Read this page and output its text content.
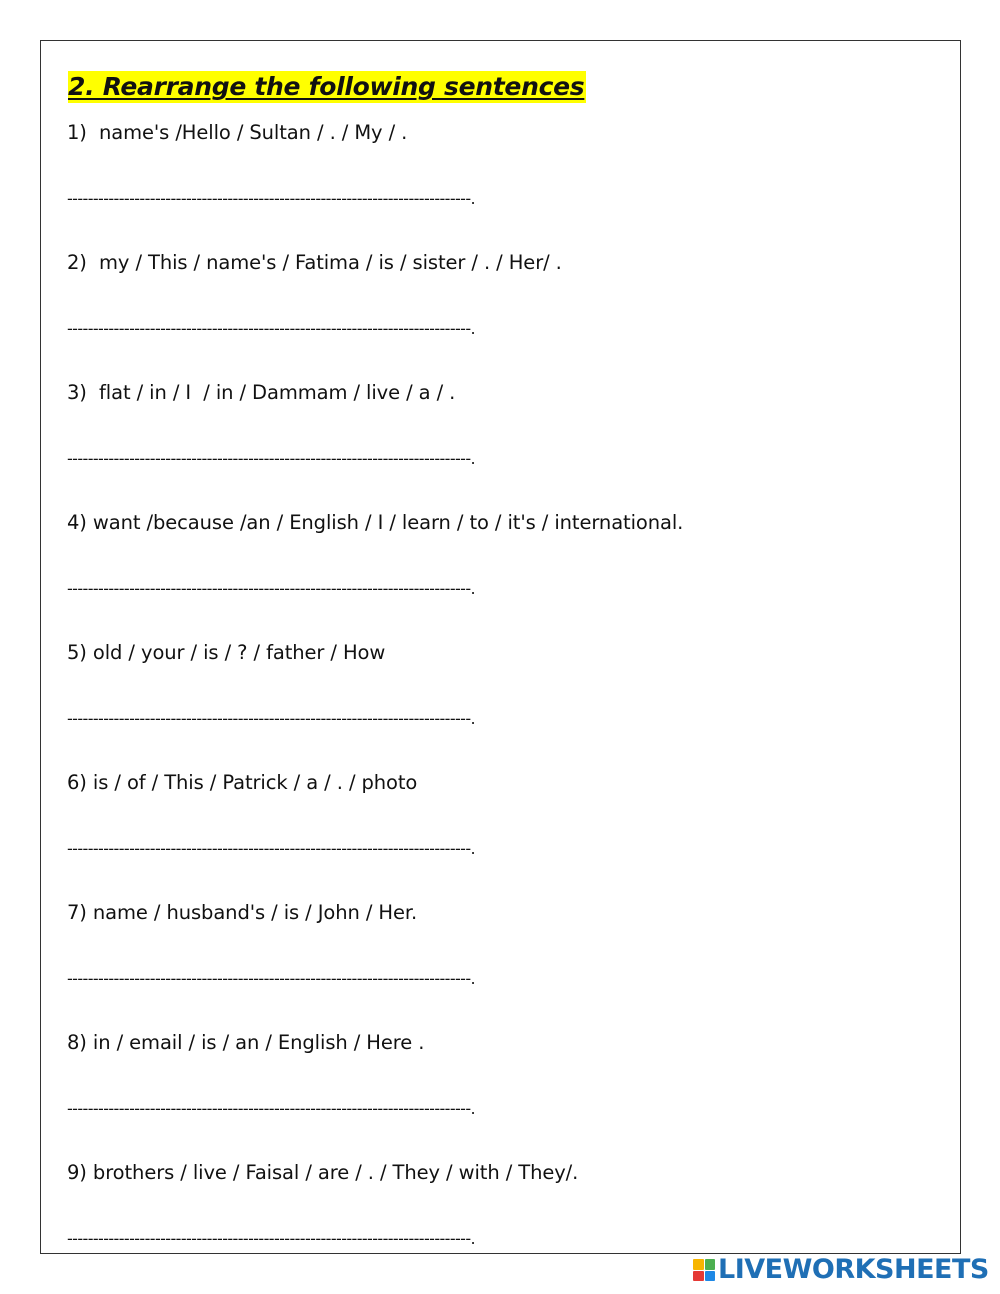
2. Rearrange the following sentences
1)  name's /Hello / Sultan / . / My / .
------------------------------------------------------------------------------.
2)  my / This / name's / Fatima / is / sister / . / Her/ .
------------------------------------------------------------------------------.
3)  flat / in / I  / in / Dammam / live / a / .
------------------------------------------------------------------------------.
4) want /because /an / English / I / learn / to / it's / international.
------------------------------------------------------------------------------.
5) old / your / is / ? / father / How
------------------------------------------------------------------------------.
6) is / of / This / Patrick / a / . / photo
------------------------------------------------------------------------------.
7) name / husband's / is / John / Her.
------------------------------------------------------------------------------.
8) in / email / is / an / English / Here .
------------------------------------------------------------------------------.
9) brothers / live / Faisal / are / . / They / with / They/.
------------------------------------------------------------------------------.
LIVEWORKSHEETS
